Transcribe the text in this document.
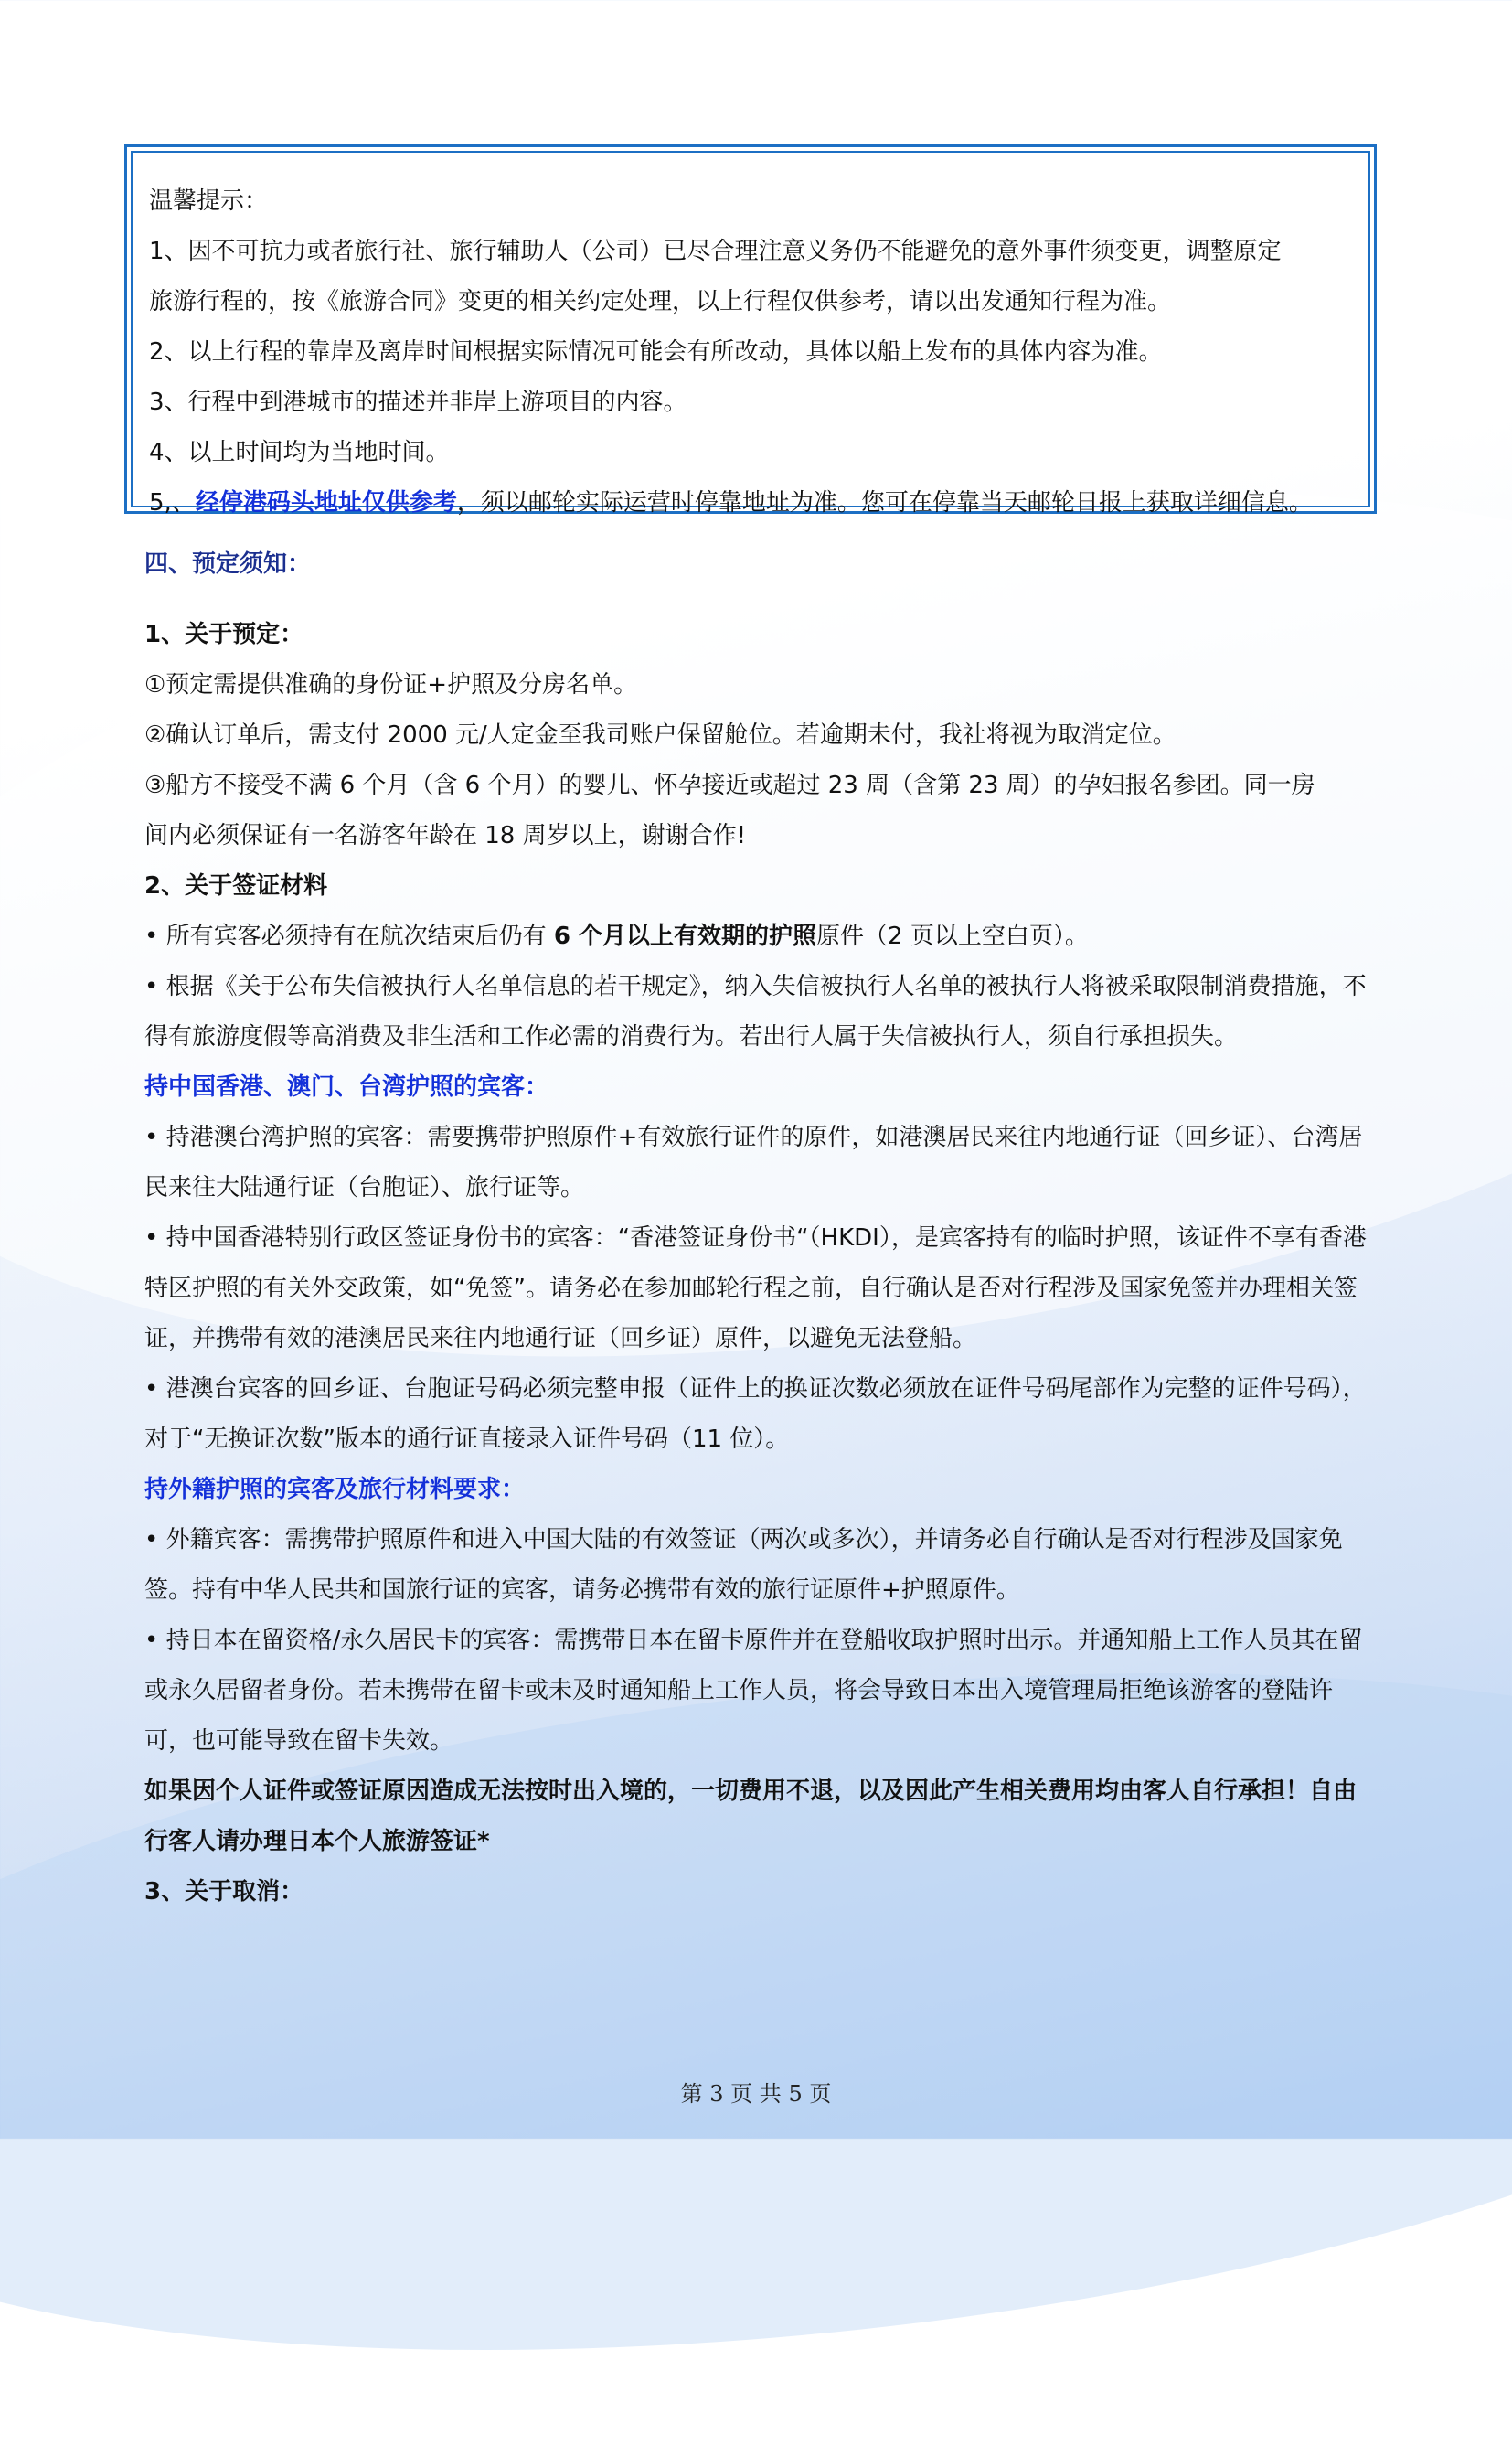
温馨提示：

1、因不可抗力或者旅行社、旅行辅助人（公司）已尽合理注意义务仍不能避免的意外事件须变更，调整原定

旅游行程的，按《旅游合同》变更的相关约定处理，以上行程仅供参考，请以出发通知行程为准。

2、以上行程的靠岸及离岸时间根据实际情况可能会有所改动，具体以船上发布的具体内容为准。

3、行程中到港城市的描述并非岸上游项目的内容。

4、以上时间均为当地时间。

5,、经停港码头地址仅供参考，须以邮轮实际运营时停靠地址为准。您可在停靠当天邮轮日报上获取详细信息。

四、预定须知：

1、关于预定：

①预定需提供准确的身份证+护照及分房名单。

②确认订单后，需支付 2000 元/人定金至我司账户保留舱位。若逾期未付，我社将视为取消定位。

③船方不接受不满 6 个月（含 6 个月）的婴儿、怀孕接近或超过 23 周（含第 23 周）的孕妇报名参团。同一房

间内必须保证有一名游客年龄在 18 周岁以上，谢谢合作!

2、关于签证材料

• 所有宾客必须持有在航次结束后仍有 6 个月以上有效期的护照原件（2 页以上空白页）。

• 根据《关于公布失信被执行人名单信息的若干规定》，纳入失信被执行人名单的被执行人将被采取限制消费措施，不得有旅游度假等高消费及非生活和工作必需的消费行为。若出行人属于失信被执行人，须自行承担损失。

持中国香港、澳门、台湾护照的宾客：

• 持港澳台湾护照的宾客：需要携带护照原件+有效旅行证件的原件，如港澳居民来往内地通行证（回乡证）、台湾居民来往大陆通行证（台胞证）、旅行证等。

• 持中国香港特别行政区签证身份书的宾客：“香港签证身份书“（HKDI），是宾客持有的临时护照，该证件不享有香港特区护照的有关外交政策，如“免签”。请务必在参加邮轮行程之前，自行确认是否对行程涉及国家免签并办理相关签证，并携带有效的港澳居民来往内地通行证（回乡证）原件，以避免无法登船。

• 港澳台宾客的回乡证、台胞证号码必须完整申报（证件上的换证次数必须放在证件号码尾部作为完整的证件号码），对于“无换证次数”版本的通行证直接录入证件号码（11 位）。

持外籍护照的宾客及旅行材料要求：

• 外籍宾客：需携带护照原件和进入中国大陆的有效签证（两次或多次），并请务必自行确认是否对行程涉及国家免签。持有中华人民共和国旅行证的宾客，请务必携带有效的旅行证原件+护照原件。

• 持日本在留资格/永久居民卡的宾客：需携带日本在留卡原件并在登船收取护照时出示。并通知船上工作人员其在留或永久居留者身份。若未携带在留卡或未及时通知船上工作人员，将会导致日本出入境管理局拒绝该游客的登陆许可，也可能导致在留卡失效。

如果因个人证件或签证原因造成无法按时出入境的，一切费用不退，以及因此产生相关费用均由客人自行承担！自由行客人请办理日本个人旅游签证*

3、关于取消：

第 3 页 共 5 页
